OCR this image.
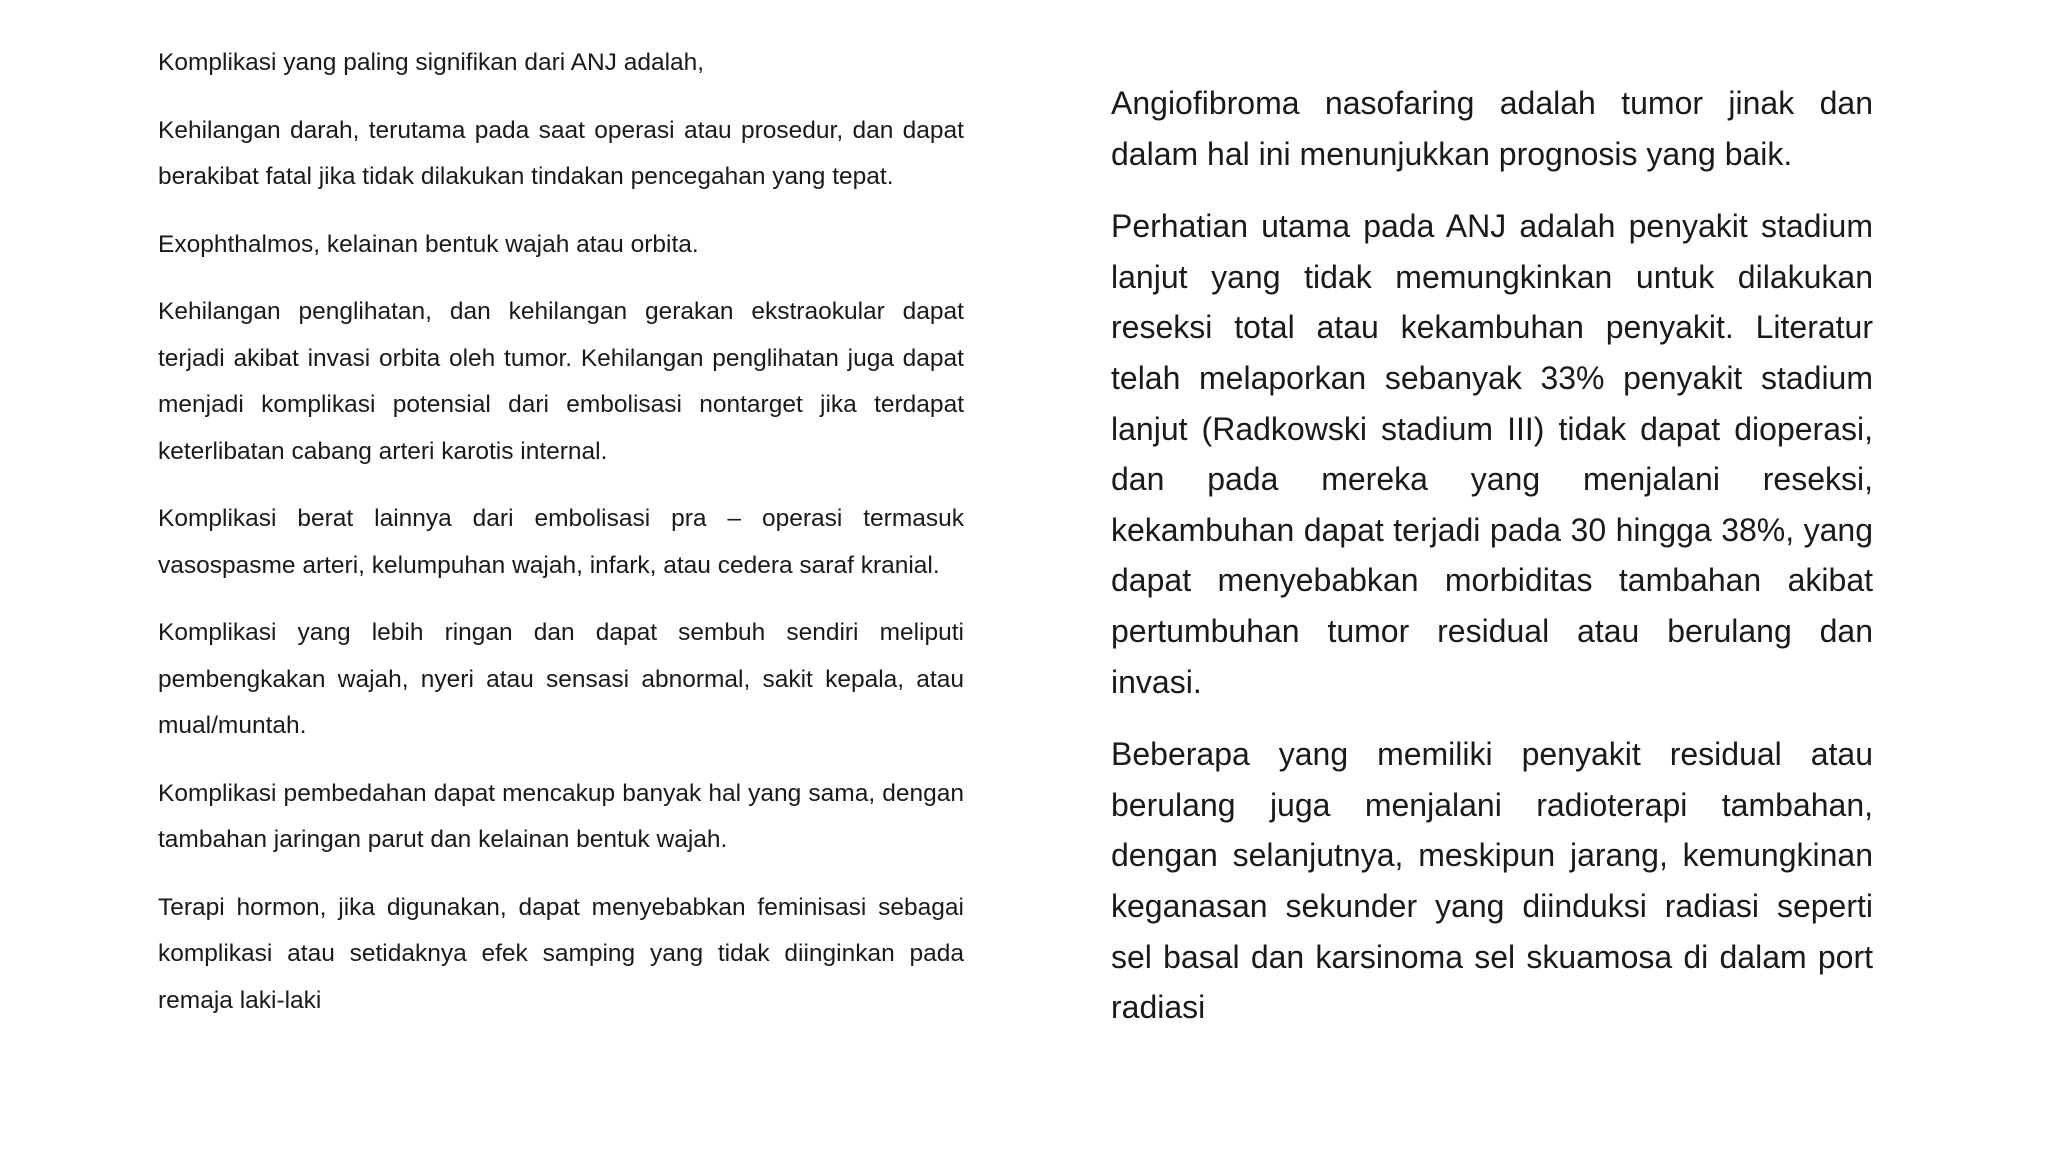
Komplikasi yang paling signifikan dari ANJ adalah,

Kehilangan darah, terutama pada saat operasi atau prosedur, dan dapat berakibat fatal jika tidak dilakukan tindakan pencegahan yang tepat.

Exophthalmos, kelainan bentuk wajah atau orbita.

Kehilangan penglihatan, dan kehilangan gerakan ekstraokular dapat terjadi akibat invasi orbita oleh tumor. Kehilangan penglihatan juga dapat menjadi komplikasi potensial dari embolisasi nontarget jika terdapat keterlibatan cabang arteri karotis internal.

Komplikasi berat lainnya dari embolisasi pra – operasi termasuk vasospasme arteri, kelumpuhan wajah, infark, atau cedera saraf kranial.

Komplikasi yang lebih ringan dan dapat sembuh sendiri meliputi pembengkakan wajah, nyeri atau sensasi abnormal, sakit kepala, atau mual/muntah.

Komplikasi pembedahan dapat mencakup banyak hal yang sama, dengan tambahan jaringan parut dan kelainan bentuk wajah.

Terapi hormon, jika digunakan, dapat menyebabkan feminisasi sebagai komplikasi atau setidaknya efek samping yang tidak diinginkan pada remaja laki-laki

Angiofibroma nasofaring adalah tumor jinak dan dalam hal ini menunjukkan prognosis yang baik.

Perhatian utama pada ANJ adalah penyakit stadium lanjut yang tidak memungkinkan untuk dilakukan reseksi total atau kekambuhan penyakit. Literatur telah melaporkan sebanyak 33% penyakit stadium lanjut (Radkowski stadium III) tidak dapat dioperasi, dan pada mereka yang menjalani reseksi, kekambuhan dapat terjadi pada 30 hingga 38%, yang dapat menyebabkan morbiditas tambahan akibat pertumbuhan tumor residual atau berulang dan invasi.

Beberapa yang memiliki penyakit residual atau berulang juga menjalani radioterapi tambahan, dengan selanjutnya, meskipun jarang, kemungkinan keganasan sekunder yang diinduksi radiasi seperti sel basal dan karsinoma sel skuamosa di dalam port radiasi
